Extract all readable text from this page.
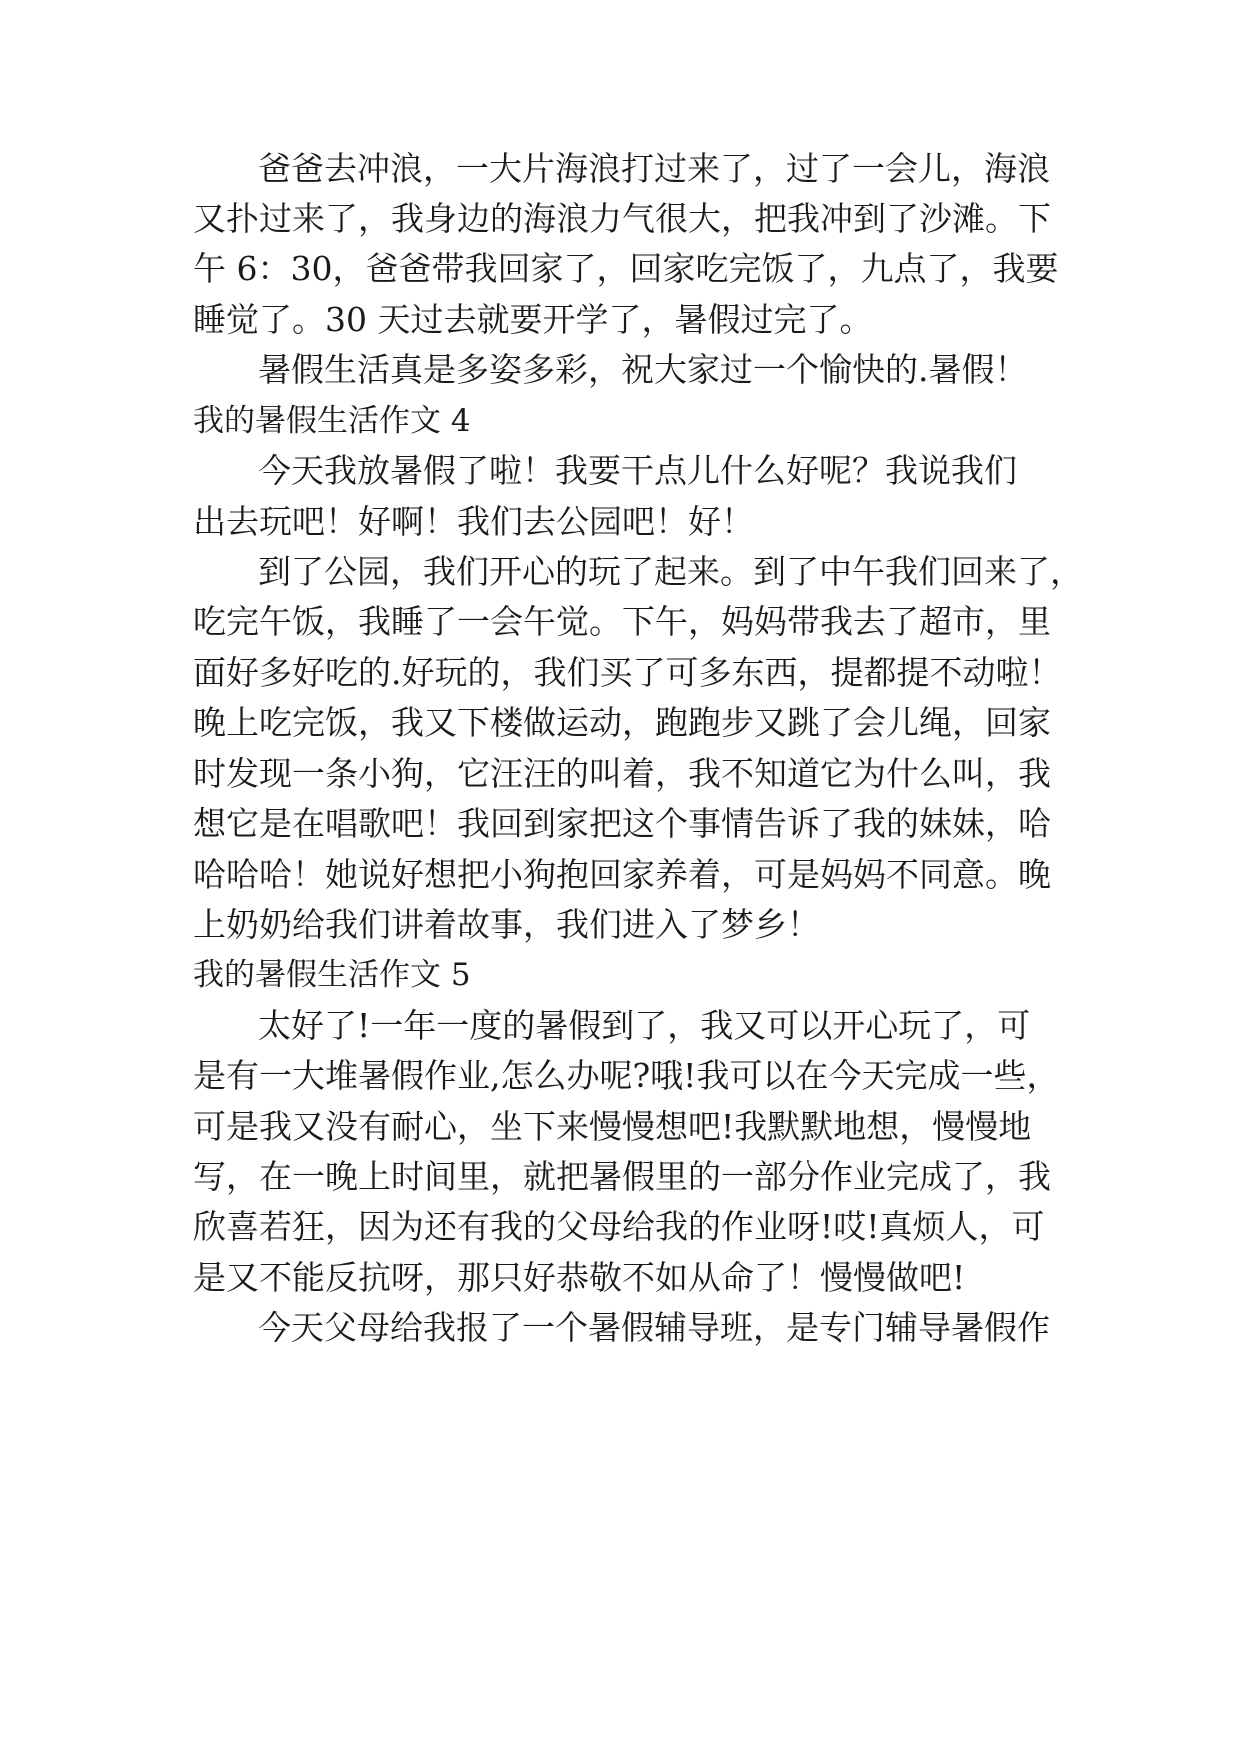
爸爸去冲浪，一大片海浪打过来了，过了一会儿，海浪
又扑过来了，我身边的海浪力气很大，把我冲到了沙滩。下
午 6：30，爸爸带我回家了，回家吃完饭了，九点了，我要
睡觉了。30 天过去就要开学了，暑假过完了。
暑假生活真是多姿多彩，祝大家过一个愉快的.暑假！
我的暑假生活作文 4
今天我放暑假了啦！我要干点儿什么好呢？我说我们
出去玩吧！好啊！我们去公园吧！好！
到了公园，我们开心的玩了起来。到了中午我们回来了，
吃完午饭，我睡了一会午觉。下午，妈妈带我去了超市，里
面好多好吃的.好玩的，我们买了可多东西，提都提不动啦！
晚上吃完饭，我又下楼做运动，跑跑步又跳了会儿绳，回家
时发现一条小狗，它汪汪的叫着，我不知道它为什么叫，我
想它是在唱歌吧！我回到家把这个事情告诉了我的妹妹，哈
哈哈哈！她说好想把小狗抱回家养着，可是妈妈不同意。晚
上奶奶给我们讲着故事，我们进入了梦乡！
我的暑假生活作文 5
太好了!一年一度的暑假到了，我又可以开心玩了，可
是有一大堆暑假作业,怎么办呢?哦!我可以在今天完成一些，
可是我又没有耐心，坐下来慢慢想吧!我默默地想，慢慢地
写，在一晚上时间里，就把暑假里的一部分作业完成了，我
欣喜若狂，因为还有我的父母给我的作业呀!哎!真烦人，可
是又不能反抗呀，那只好恭敬不如从命了！慢慢做吧!
今天父母给我报了一个暑假辅导班，是专门辅导暑假作
